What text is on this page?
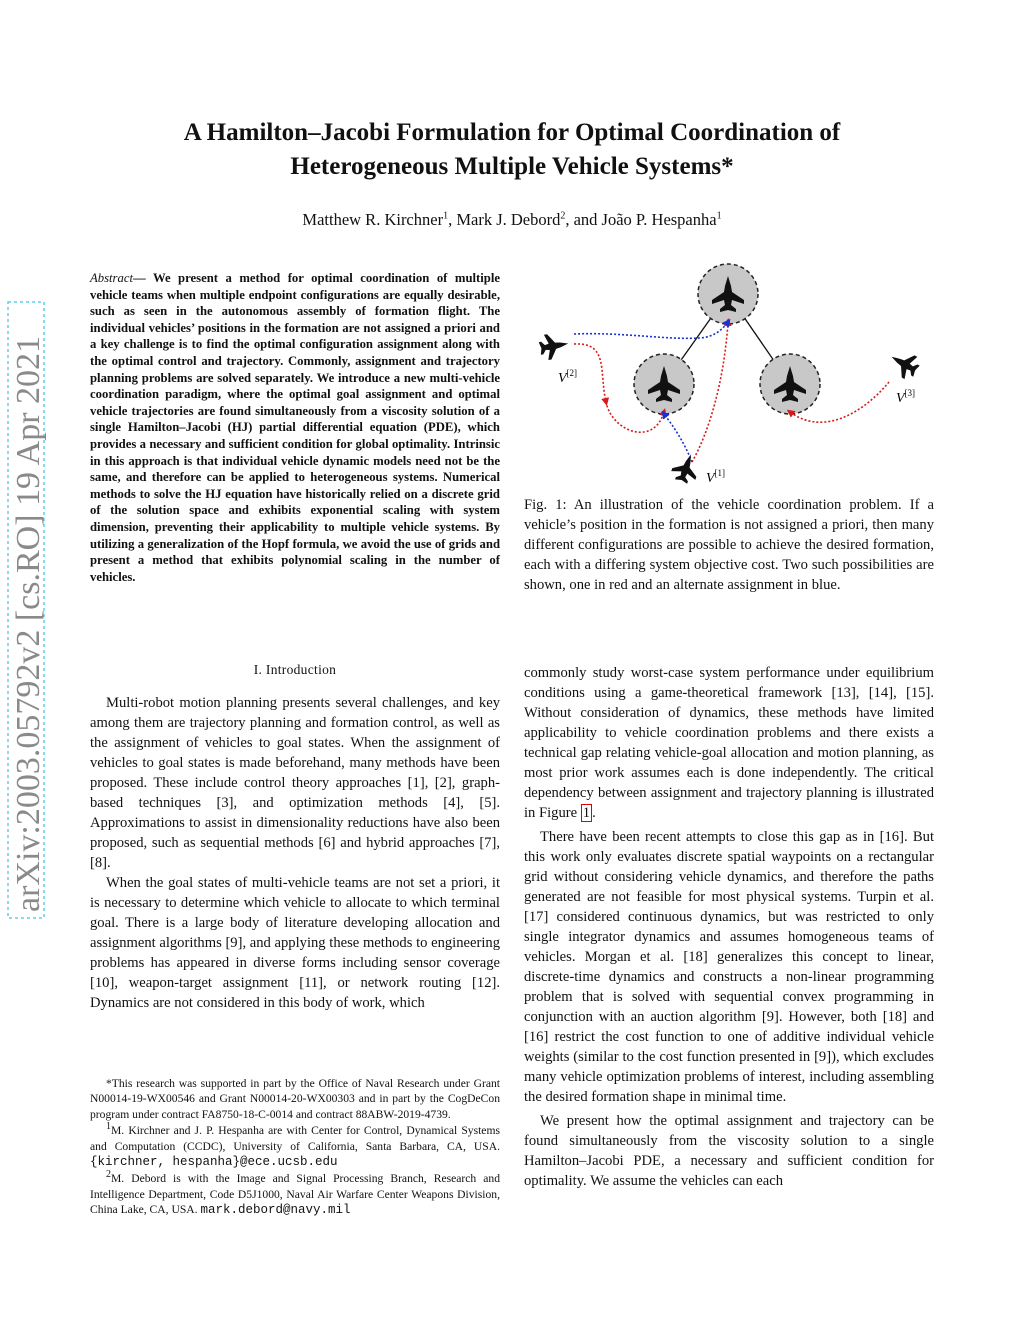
arXiv:2003.05792v2 [cs.RO] 19 Apr 2021
A Hamilton–Jacobi Formulation for Optimal Coordination of
Heterogeneous Multiple Vehicle Systems*
Matthew R. Kirchner$^1$, Mark J. Debord$^2$, and João P. Hespanha$^1$
Abstract— We present a method for optimal coordination of multiple vehicle teams when multiple endpoint configurations are equally desirable, such as seen in the autonomous assembly of formation flight. The individual vehicles’ positions in the formation are not assigned a priori and a key challenge is to find the optimal configuration assignment along with the optimal control and trajectory. Commonly, assignment and trajectory planning problems are solved separately. We introduce a new multi-vehicle coordination paradigm, where the optimal goal assignment and optimal vehicle trajectories are found simultaneously from a viscosity solution of a single Hamilton–Jacobi (HJ) partial differential equation (PDE), which provides a necessary and sufficient condition for global optimality. Intrinsic in this approach is that individual vehicle dynamic models need not be the same, and therefore can be applied to heterogeneous systems. Numerical methods to solve the HJ equation have historically relied on a discrete grid of the solution space and exhibits exponential scaling with system dimension, preventing their applicability to multiple vehicle systems. By utilizing a generalization of the Hopf formula, we avoid the use of grids and present a method that exhibits polynomial scaling in the number of vehicles.
I. Introduction

Multi-robot motion planning presents several challenges, and key among them are trajectory planning and formation control, as well as the assignment of vehicles to goal states. When the assignment of vehicles to goal states is made beforehand, many methods have been proposed. These include control theory approaches [1], [2], graph-based techniques [3], and optimization methods [4], [5]. Approximations to assist in dimensionality reductions have also been proposed, such as sequential methods [6] and hybrid approaches [7], [8].

When the goal states of multi-vehicle teams are not set a priori, it is necessary to determine which vehicle to allocate to which terminal goal. There is a large body of literature developing allocation and assignment algorithms [9], and applying these methods to engineering problems has appeared in diverse forms including sensor coverage [10], weapon-target assignment [11], or network routing [12]. Dynamics are not considered in this body of work, which

*This research was supported in part by the Office of Naval Research under Grant N00014-19-WX00546 and Grant N00014-20-WX00303 and in part by the CogDeCon program under contract FA8750-18-C-0014 and contract 88ABW-2019-4739.

$^1$M. Kirchner and J. P. Hespanha are with Center for Control, Dynamical Systems and Computation (CCDC), University of California, Santa Barbara, CA, USA. {kirchner, hespanha}@ece.ucsb.edu

$^2$M. Debord is with the Image and Signal Processing Branch, Research and Intelligence Department, Code D5J1000, Naval Air Warfare Center Weapons Division, China Lake, CA, USA. mark.debord@navy.mil

V[2]
V[1]
V[3]
Fig. 1: An illustration of the vehicle coordination problem. If a vehicle’s position in the formation is not assigned a priori, then many different configurations are possible to achieve the desired formation, each with a differing system objective cost. Two such possibilities are shown, one in red and an alternate assignment in blue.

commonly study worst-case system performance under equilibrium conditions using a game-theoretical framework [13], [14], [15]. Without consideration of dynamics, these methods have limited applicability to vehicle coordination problems and there exists a technical gap relating vehicle-goal allocation and motion planning, as most prior work assumes each is done independently. The critical dependency between assignment and trajectory planning is illustrated in Figure 1 .

There have been recent attempts to close this gap as in [16]. But this work only evaluates discrete spatial waypoints on a rectangular grid without considering vehicle dynamics, and therefore the paths generated are not feasible for most physical systems. Turpin et al. [17] considered continuous dynamics, but was restricted to only single integrator dynamics and assumes homogeneous teams of vehicles. Morgan et al. [18] generalizes this concept to linear, discrete-time dynamics and constructs a non-linear programming problem that is solved with sequential convex programming in conjunction with an auction algorithm [9]. However, both [18] and [16] restrict the cost function to one of additive individual vehicle weights (similar to the cost function presented in [9]), which excludes many vehicle optimization problems of interest, including assembling the desired formation shape in minimal time.

We present how the optimal assignment and trajectory can be found simultaneously from the viscosity solution to a single Hamilton–Jacobi PDE, a necessary and sufficient condition for optimality. We assume the vehicles can each
